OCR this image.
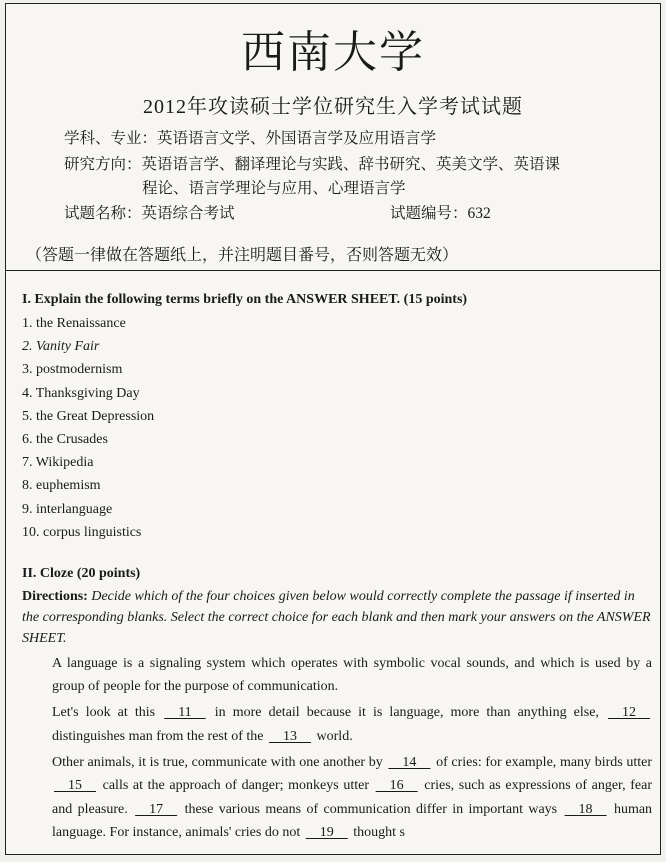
西南大学
2012年攻读硕士学位研究生入学考试试题
学科、专业：英语语言文学、外国语言学及应用语言学
研究方向：英语语言学、翻译理论与实践、辞书研究、英美文学、英语课
程论、语言学理论与应用、心理语言学
试题名称：英语综合考试	试题编号：632
（答题一律做在答题纸上，并注明题目番号，否则答题无效）
I. Explain the following terms briefly on the ANSWER SHEET. (15 points)
1. the Renaissance
2. Vanity Fair
3. postmodernism
4. Thanksgiving Day
5. the Great Depression
6. the Crusades
7. Wikipedia
8. euphemism
9. interlanguage
10. corpus linguistics
II. Cloze (20 points)
Directions: Decide which of the four choices given below would correctly complete the passage if inserted in the corresponding blanks. Select the correct choice for each blank and then mark your answers on the ANSWER SHEET.

A language is a signaling system which operates with symbolic vocal sounds, and which is used by a group of people for the purpose of communication.

Let's look at this     11     in more detail because it is language, more than anything else,     12     distinguishes man from the rest of the     13     world.

Other animals, it is true, communicate with one another by     14     of cries: for example, many birds utter     15     calls at the approach of danger; monkeys utter     16     cries, such as expressions of anger, fear and pleasure.     17     these various means of communication differ in important ways     18     human language. For instance, animals' cries do not     19     thought s
